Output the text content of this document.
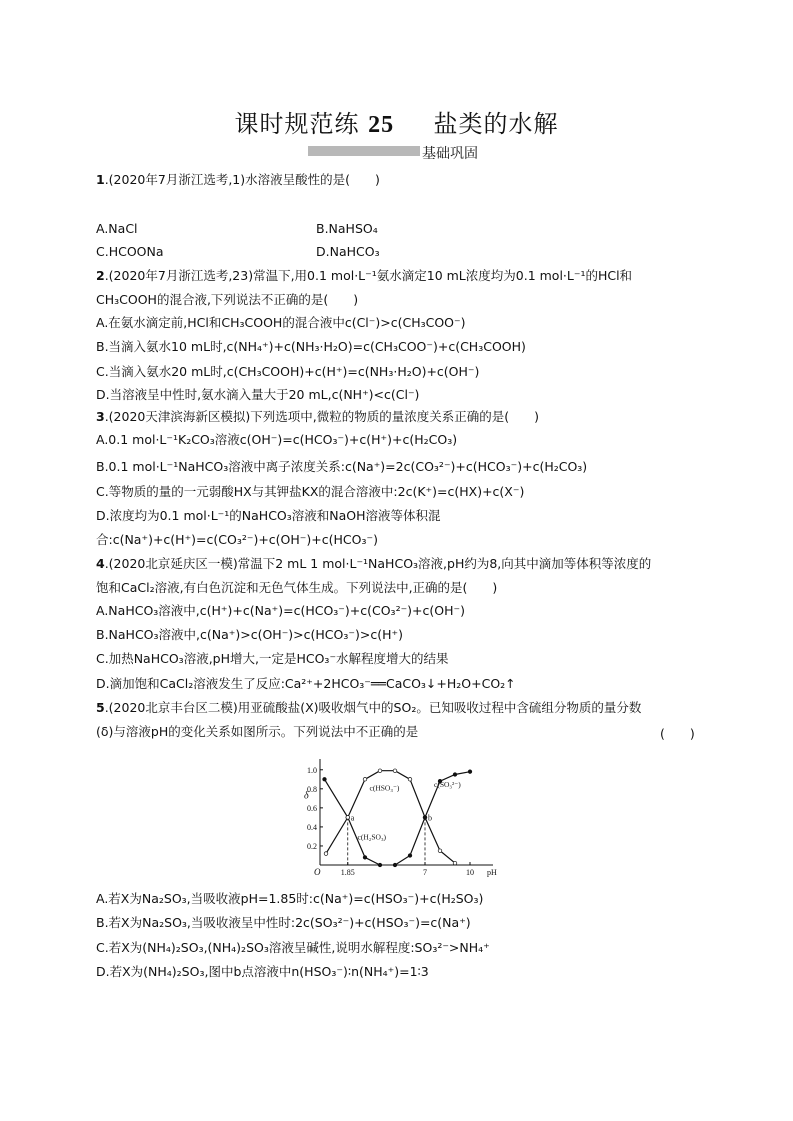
课时规范练 25 盐类的水解
基础巩固
1.(2020年7月浙江选考,1)水溶液呈酸性的是(　　)
A.NaCl	B.NaHSO₄
C.HCOONa	D.NaHCO₃
2.(2020年7月浙江选考,23)常温下,用0.1 mol·L⁻¹氨水滴定10 mL浓度均为0.1 mol·L⁻¹的HCl和
CH₃COOH的混合液,下列说法不正确的是(　　)
A.在氨水滴定前,HCl和CH₃COOH的混合液中c(Cl⁻)>c(CH₃COO⁻)
B.当滴入氨水10 mL时,c(NH₄⁺)+c(NH₃·H₂O)=c(CH₃COO⁻)+c(CH₃COOH)
C.当滴入氨水20 mL时,c(CH₃COOH)+c(H⁺)=c(NH₃·H₂O)+c(OH⁻)
D.当溶液呈中性时,氨水滴入量大于20 mL,c(NH⁺)<c(Cl⁻)
3.(2020天津滨海新区模拟)下列选项中,微粒的物质的量浓度关系正确的是(　　)
A.0.1 mol·L⁻¹K₂CO₃溶液c(OH⁻)=c(HCO₃⁻)+c(H⁺)+c(H₂CO₃)
B.0.1 mol·L⁻¹NaHCO₃溶液中离子浓度关系:c(Na⁺)=2c(CO₃²⁻)+c(HCO₃⁻)+c(H₂CO₃)
C.等物质的量的一元弱酸HX与其钾盐KX的混合溶液中:2c(K⁺)=c(HX)+c(X⁻)
D.浓度均为0.1 mol·L⁻¹的NaHCO₃溶液和NaOH溶液等体积混
合:c(Na⁺)+c(H⁺)=c(CO₃²⁻)+c(OH⁻)+c(HCO₃⁻)
4.(2020北京延庆区一模)常温下2 mL 1 mol·L⁻¹NaHCO₃溶液,pH约为8,向其中滴加等体积等浓度的
饱和CaCl₂溶液,有白色沉淀和无色气体生成。下列说法中,正确的是(　　)
A.NaHCO₃溶液中,c(H⁺)+c(Na⁺)=c(HCO₃⁻)+c(CO₃²⁻)+c(OH⁻)
B.NaHCO₃溶液中,c(Na⁺)>c(OH⁻)>c(HCO₃⁻)>c(H⁺)
C.加热NaHCO₃溶液,pH增大,一定是HCO₃⁻水解程度增大的结果
D.滴加饱和CaCl₂溶液发生了反应:Ca²⁺+2HCO₃⁻══CaCO₃↓+H₂O+CO₂↑
5.(2020北京丰台区二模)用亚硫酸盐(X)吸收烟气中的SO₂。已知吸收过程中含硫组分物质的量分数
(δ)与溶液pH的变化关系如图所示。下列说法中不正确的是	(　　)
1.0
0.8
0.6
0.4
0.2
1.85	7	10
O	pH
δ
c(HSO₃⁻)	c(SO₃²⁻)
c(H₂SO₃)
a	b
A.若X为Na₂SO₃,当吸收液pH=1.85时:c(Na⁺)=c(HSO₃⁻)+c(H₂SO₃)
B.若X为Na₂SO₃,当吸收液呈中性时:2c(SO₃²⁻)+c(HSO₃⁻)=c(Na⁺)
C.若X为(NH₄)₂SO₃,(NH₄)₂SO₃溶液呈碱性,说明水解程度:SO₃²⁻>NH₄⁺
D.若X为(NH₄)₂SO₃,图中b点溶液中n(HSO₃⁻)∶n(NH₄⁺)=1∶3
